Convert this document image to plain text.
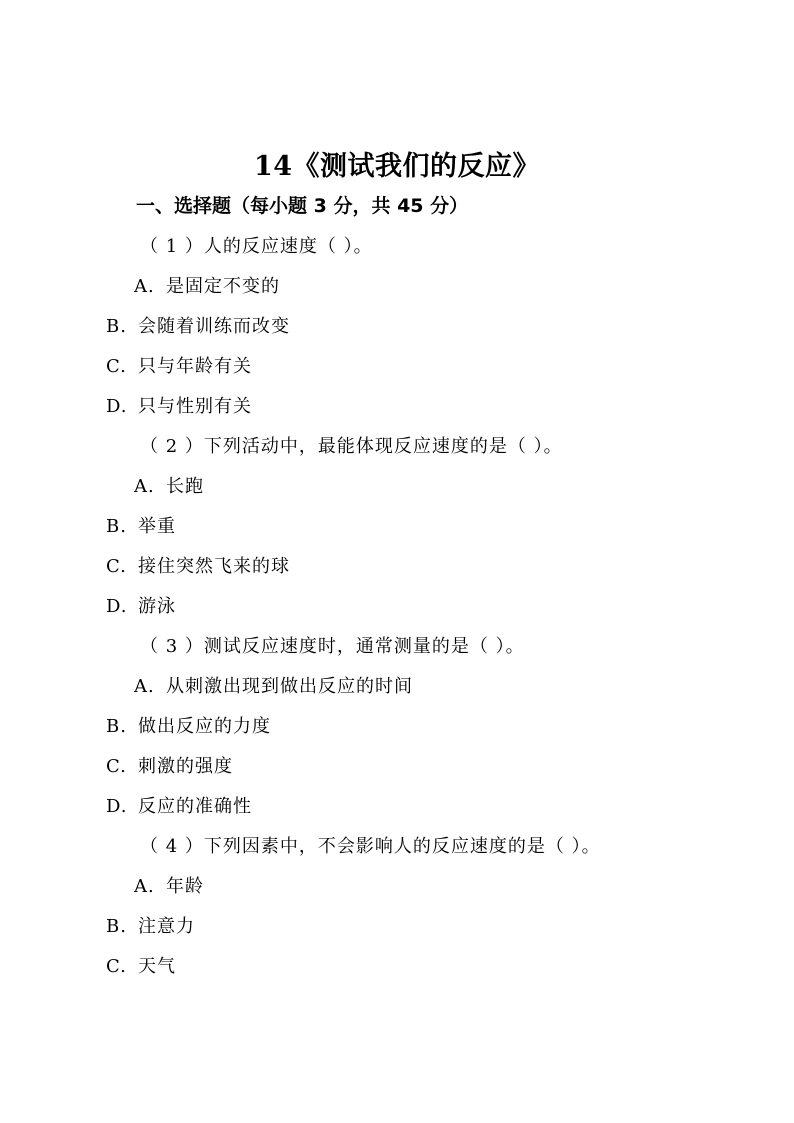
14《测试我们的反应》
一、选择题（每小题 3 分，共 45 分）
（ 1 ）人的反应速度（ ）。
A. 是固定不变的
B. 会随着训练而改变
C. 只与年龄有关
D. 只与性别有关
（ 2 ）下列活动中，最能体现反应速度的是（ ）。
A. 长跑
B. 举重
C. 接住突然飞来的球
D. 游泳
（ 3 ）测试反应速度时，通常测量的是（ ）。
A. 从刺激出现到做出反应的时间
B. 做出反应的力度
C. 刺激的强度
D. 反应的准确性
（ 4 ）下列因素中，不会影响人的反应速度的是（ ）。
A. 年龄
B. 注意力
C. 天气
